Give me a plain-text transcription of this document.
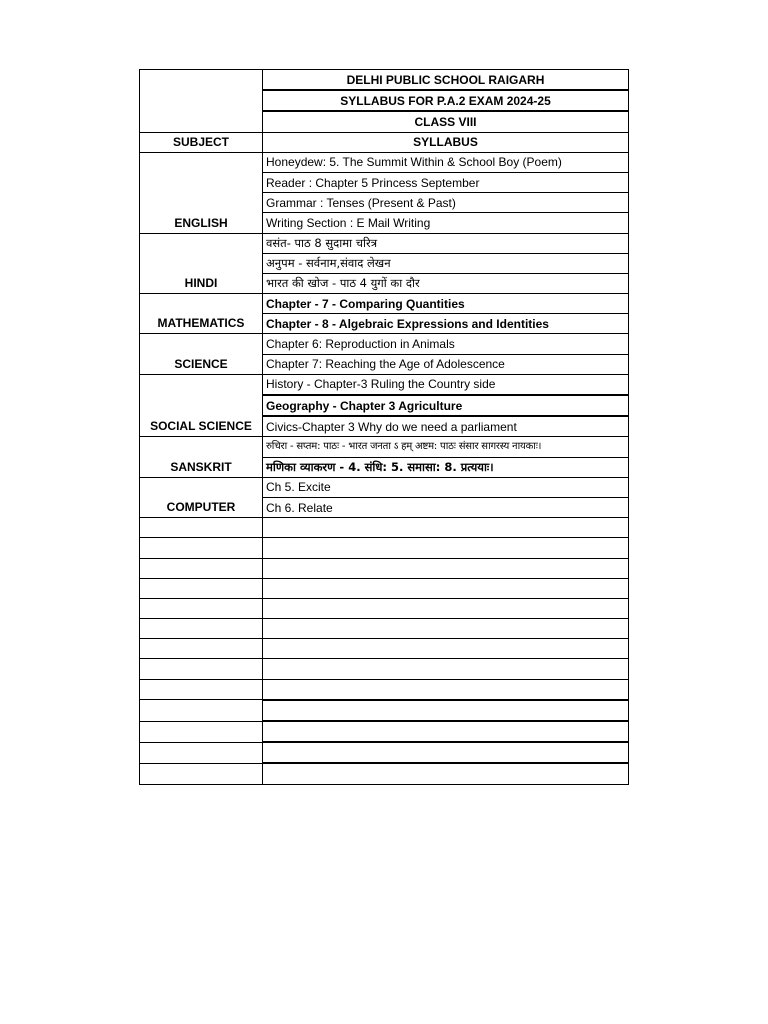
	DELHI PUBLIC SCHOOL RAIGARH
	SYLLABUS FOR P.A.2 EXAM 2024-25
	CLASS VIII
SUBJECT	SYLLABUS
ENGLISH	Honeydew: 5. The Summit Within & School Boy (Poem)
	Reader : Chapter 5 Princess September
	Grammar : Tenses (Present & Past)
	Writing Section : E Mail Writing
HINDI	वसंत- पाठ 8 सुदामा चरित्र
	अनुपम - सर्वनाम,संवाद लेखन
	भारत की खोज - पाठ 4 युगों का दौर
MATHEMATICS	Chapter - 7 - Comparing Quantities
	Chapter - 8 - Algebraic Expressions and Identities
SCIENCE	Chapter 6: Reproduction in Animals
	Chapter 7: Reaching the Age of Adolescence
SOCIAL SCIENCE	History - Chapter-3 Ruling the Country side
	Geography - Chapter 3 Agriculture
	Civics-Chapter 3 Why do we need a parliament
SANSKRIT	रुचिरा - सप्तम: पाठः - भारत जनता ऽ हम् अष्टम: पाठः संसार सागरस्य नायकाः।
	मणिका व्याकरण - 4. संधि: 5. समासा: 8. प्रत्ययाः।
COMPUTER	Ch 5. Excite
	Ch 6. Relate
